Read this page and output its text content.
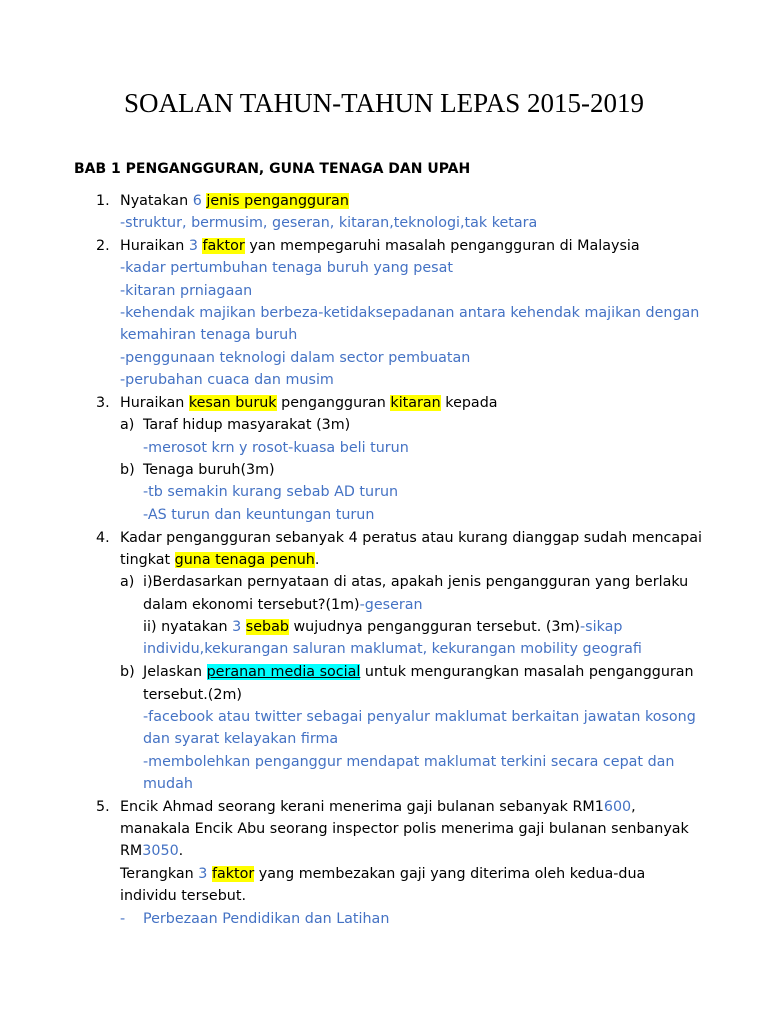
SOALAN TAHUN-TAHUN LEPAS 2015-2019
BAB 1 PENGANGGURAN, GUNA TENAGA DAN UPAH
1. Nyatakan 6 jenis pengangguran
-struktur, bermusim, geseran, kitaran,teknologi,tak ketara
2. Huraikan 3 faktor yan mempegaruhi masalah pengangguran di Malaysia
-kadar pertumbuhan tenaga buruh yang pesat
-kitaran prniagaan
-kehendak majikan berbeza-ketidaksepadanan antara kehendak majikan dengan
kemahiran tenaga buruh
-penggunaan teknologi dalam sector pembuatan
-perubahan cuaca dan musim
3. Huraikan kesan buruk pengangguran kitaran kepada
a) Taraf hidup masyarakat (3m)
-merosot krn y rosot-kuasa beli turun
b) Tenaga buruh(3m)
-tb semakin kurang sebab AD turun
-AS turun dan keuntungan turun
4. Kadar pengangguran sebanyak 4 peratus atau kurang dianggap sudah mencapai
tingkat guna tenaga penuh.
a) i)Berdasarkan pernyataan di atas, apakah jenis pengangguran yang berlaku
dalam ekonomi tersebut?(1m)-geseran
ii) nyatakan 3 sebab wujudnya pengangguran tersebut. (3m)-sikap
individu,kekurangan saluran maklumat, kekurangan mobility geografi
b) Jelaskan peranan media social untuk mengurangkan masalah pengangguran
tersebut.(2m)
-facebook atau twitter sebagai penyalur maklumat berkaitan jawatan kosong
dan syarat kelayakan firma
-membolehkan penganggur mendapat maklumat terkini secara cepat dan
mudah
5. Encik Ahmad seorang kerani menerima gaji bulanan sebanyak RM1600,
manakala Encik Abu seorang inspector polis menerima gaji bulanan senbanyak
RM3050.
Terangkan 3 faktor yang membezakan gaji yang diterima oleh kedua-dua
individu tersebut.
- Perbezaan Pendidikan dan Latihan
